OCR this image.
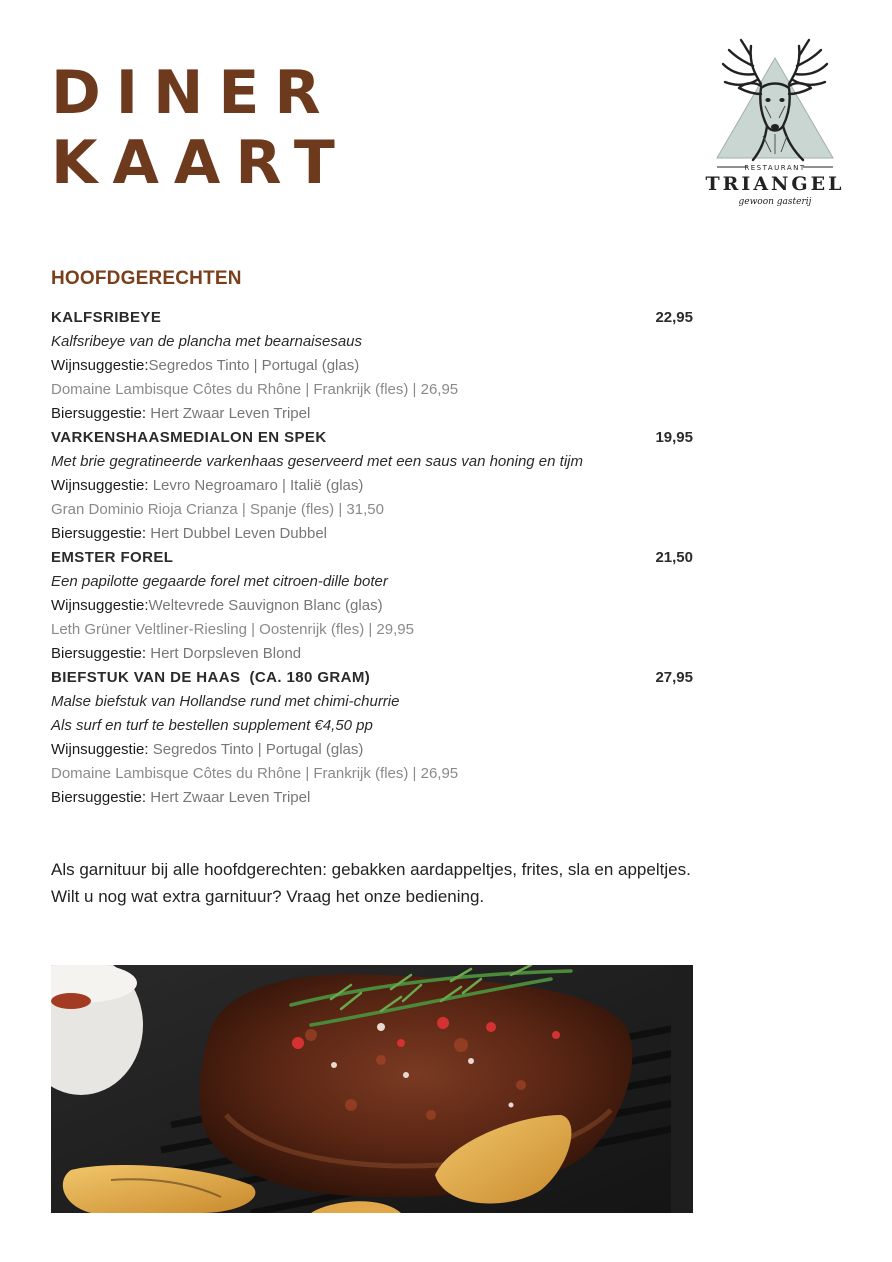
DINER
KAART	RESTAURANT
TRIANGEL
gewoon gasterij
HOOFDGERECHTEN
KALFSRIBEYE	22,95
Kalfsribeye van de plancha met bearnaisesaus
Wijnsuggestie:Segredos Tinto | Portugal (glas)
Domaine Lambisque Côtes du Rhône | Frankrijk (fles) | 26,95
Biersuggestie: Hert Zwaar Leven Tripel
VARKENSHAASMEDIALON EN SPEK	19,95
Met brie gegratineerde varkenhaas geserveerd met een saus van honing en tijm
Wijnsuggestie: Levro Negroamaro | Italië (glas)
Gran Dominio Rioja Crianza | Spanje (fles) | 31,50
Biersuggestie: Hert Dubbel Leven Dubbel
EMSTER FOREL	21,50
Een papilotte gegaarde forel met citroen-dille boter
Wijnsuggestie:Weltevrede Sauvignon Blanc (glas)
Leth Grüner Veltliner-Riesling | Oostenrijk (fles) | 29,95
Biersuggestie: Hert Dorpsleven Blond
BIEFSTUK VAN DE HAAS  (CA. 180 GRAM)	27,95
Malse biefstuk van Hollandse rund met chimi-churrie
Als surf en turf te bestellen supplement €4,50 pp
Wijnsuggestie: Segredos Tinto | Portugal (glas)
Domaine Lambisque Côtes du Rhône | Frankrijk (fles) | 26,95
Biersuggestie: Hert Zwaar Leven Tripel

Als garnituur bij alle hoofdgerechten: gebakken aardappeltjes, frites, sla en appeltjes. Wilt u nog wat extra garnituur? Vraag het onze bediening.
